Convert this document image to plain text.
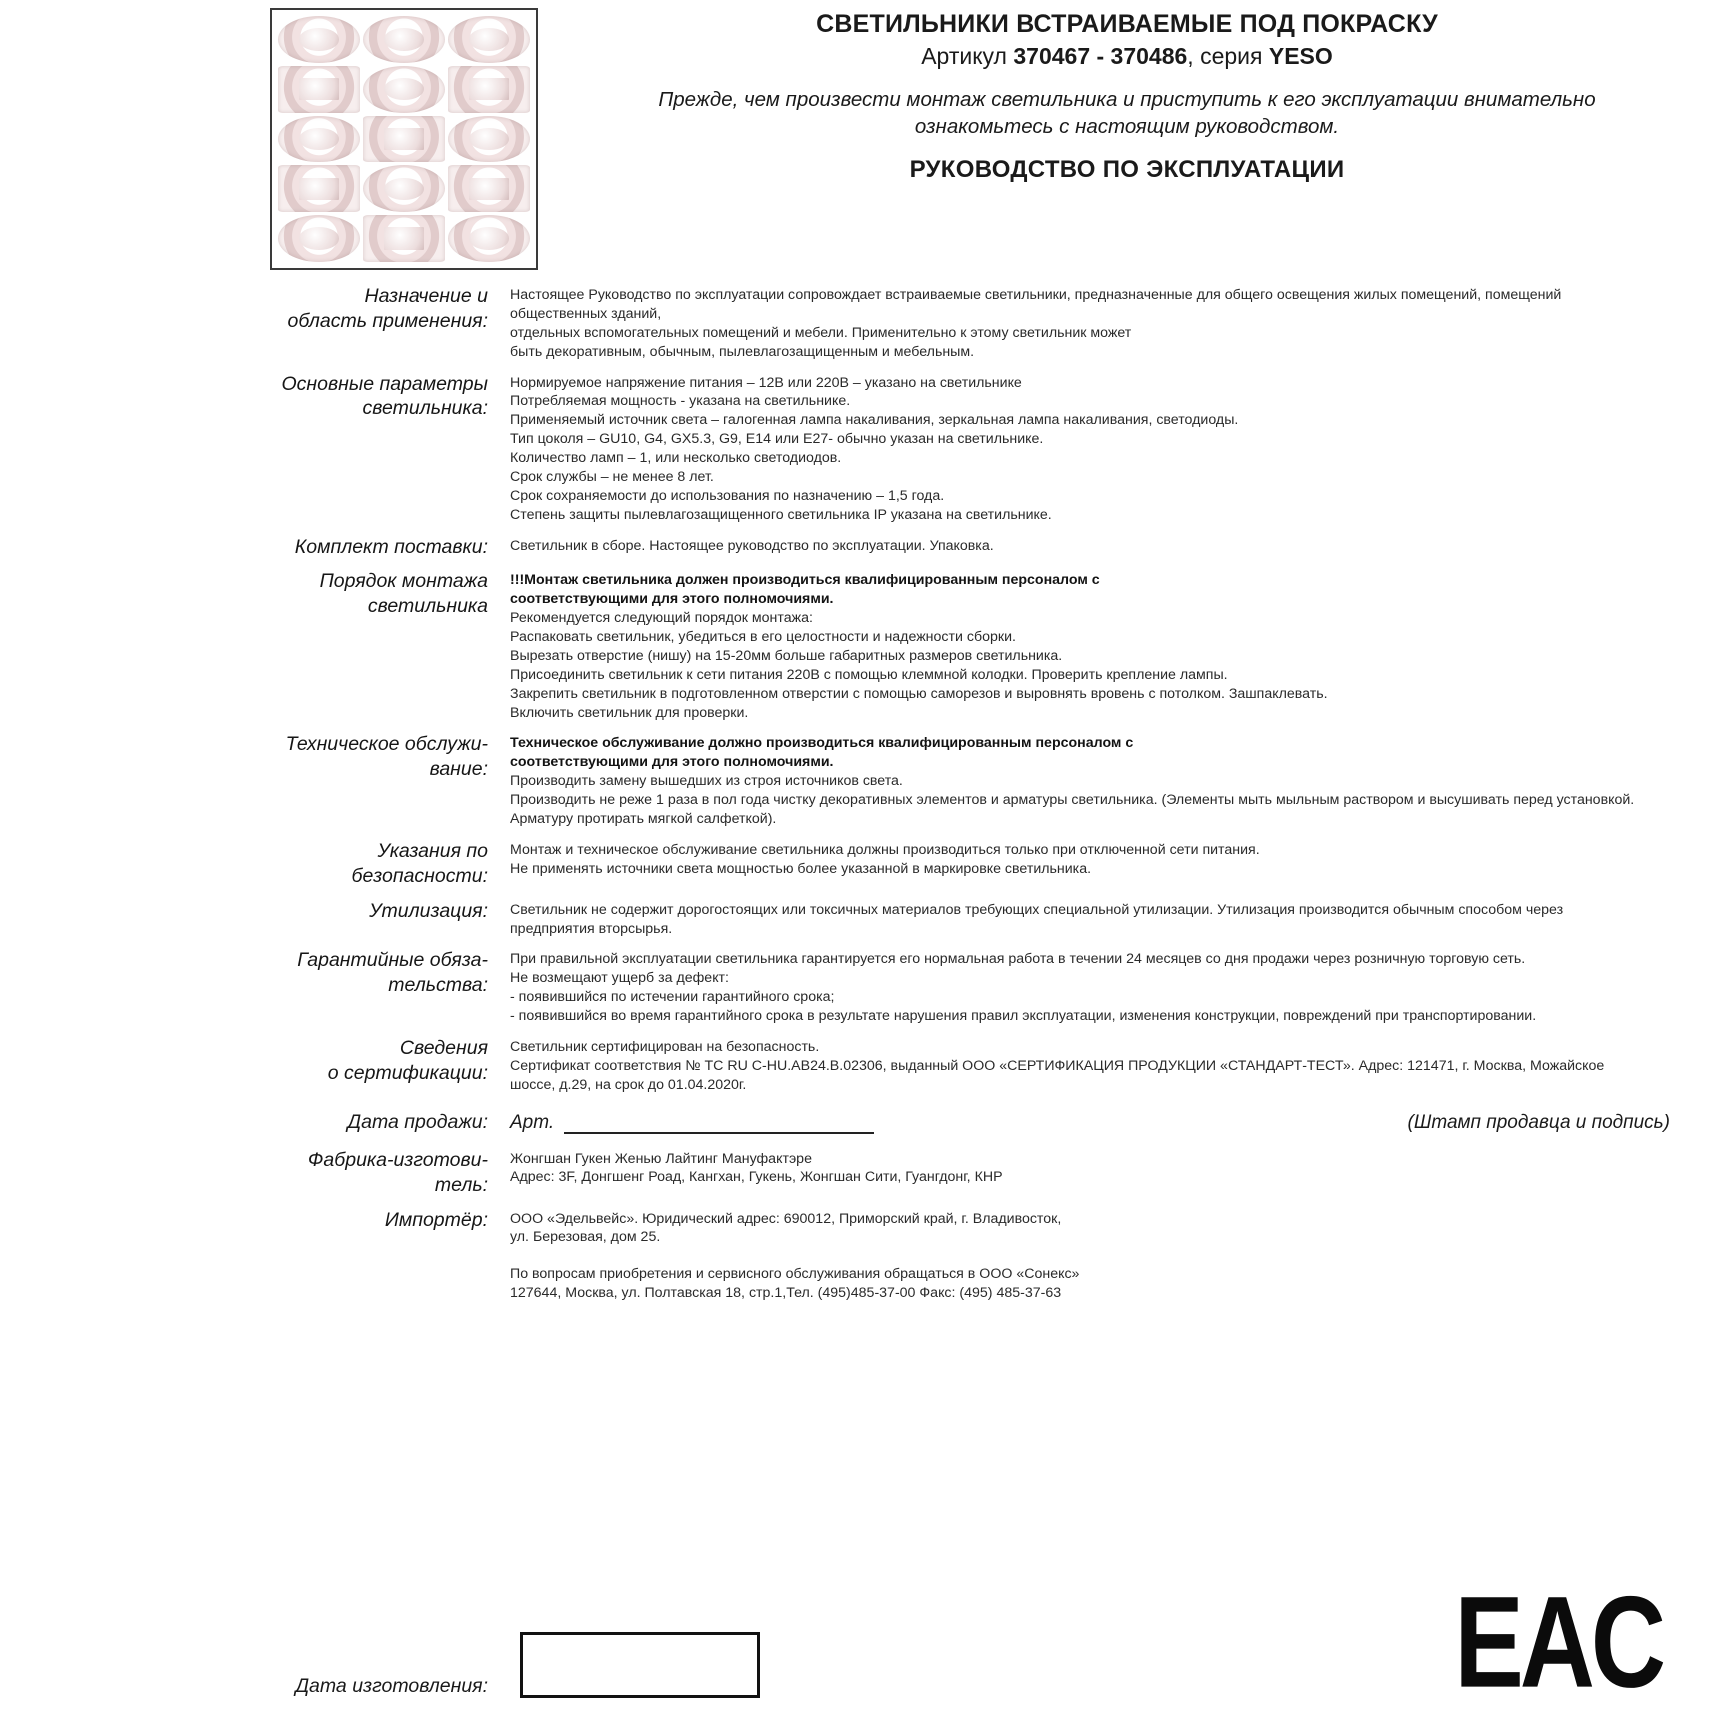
СВЕТИЛЬНИКИ ВСТРАИВАЕМЫЕ ПОД ПОКРАСКУ
Артикул 370467 - 370486, серия YESO
Прежде, чем произвести монтаж светильника и приступить к его эксплуатации внимательно ознакомьтесь с настоящим руководством.
РУКОВОДСТВО ПО ЭКСПЛУАТАЦИИ
Назначение и
область применения:

Настоящее Руководство по эксплуатации сопровождает встраиваемые светильники, предназначенные для общего освещения жилых помещений, помещений общественных зданий,

отдельных вспомогательных помещений и мебели. Применительно к этому светильник может

быть декоративным, обычным, пылевлагозащищенным и мебельным.

Основные параметры
светильника:

Нормируемое напряжение питания – 12В или 220В – указано на светильнике

Потребляемая мощность - указана на светильнике.

Применяемый источник света – галогенная лампа накаливания, зеркальная лампа накаливания, светодиоды.

Тип цоколя – GU10, G4, GX5.3, G9, E14 или E27- обычно указан на светильнике.

Количество ламп – 1, или несколько светодиодов.

Срок службы – не менее 8 лет.

Срок сохраняемости до использования по назначению – 1,5 года.

Степень защиты пылевлагозащищенного светильника IP указана на светильнике.

Комплект поставки:	Светильник в сборе. Настоящее руководство по эксплуатации. Упаковка.

Порядок монтажа
светильника

!!!Монтаж светильника должен производиться квалифицированным персоналом с

соответствующими для этого полномочиями.

Рекомендуется следующий порядок монтажа:

Распаковать светильник, убедиться в его целостности и надежности сборки.

Вырезать отверстие (нишу) на 15-20мм больше габаритных размеров светильника.

Присоединить светильник к сети питания 220В с помощью клеммной колодки. Проверить крепление лампы.

Закрепить светильник в подготовленном отверстии с помощью саморезов и выровнять вровень с потолком. Зашпаклевать.

Включить светильник для проверки.

Техническое обслужи-
вание:

Техническое обслуживание должно производиться квалифицированным персоналом с

соответствующими для этого полномочиями.

Производить замену вышедших из строя источников света.

Производить не реже 1 раза в пол года чистку декоративных элементов и арматуры светильника. (Элементы мыть мыльным раствором и высушивать перед установкой. Арматуру протирать мягкой салфеткой).

Указания по
безопасности:

Монтаж и техническое обслуживание светильника должны производиться только при отключенной сети питания.

Не применять источники света мощностью более указанной в маркировке светильника.

Утилизация:	Светильник не содержит дорогостоящих или токсичных материалов требующих специальной утилизации. Утилизация производится обычным способом через предприятия вторсырья.

Гарантийные обяза-
тельства:

При правильной эксплуатации светильника гарантируется его нормальная работа в течении 24 месяцев со дня продажи через розничную торговую сеть.

Не возмещают ущерб за дефект:

- появившийся по истечении гарантийного срока;

- появившийся во время гарантийного срока в результате нарушения правил эксплуатации, изменения конструкции, повреждений при транспортировании.

Сведения
о сертификации:

Светильник сертифицирован на безопасность.

Сертификат соответствия № ТС RU C-HU.АВ24.В.02306, выданный ООО «СЕРТИФИКАЦИЯ ПРОДУКЦИИ «СТАНДАРТ-ТЕСТ». Адрес: 121471, г. Москва, Можайское шоссе, д.29, на срок до 01.04.2020г.

Дата продажи:	Арт.	(Штамп продавца и подпись)
Фабрика-изготови-
тель:

Жонгшан Гукен Женью Лайтинг Мануфактэре

Адрес: 3F, Донгшенг Роад, Кангхан, Гукень, Жонгшан Сити, Гуангдонг, КНР

Импортёр:	ООО «Эдельвейс». Юридический адрес: 690012, Приморский край, г. Владивосток,

ул. Березовая, дом 25.

По вопросам приобретения и сервисного обслуживания обращаться в ООО «Сонекс»

127644, Москва, ул. Полтавская 18, стр.1,Тел. (495)485-37-00 Факс: (495) 485-37-63

Дата изготовления:	ЕAC
